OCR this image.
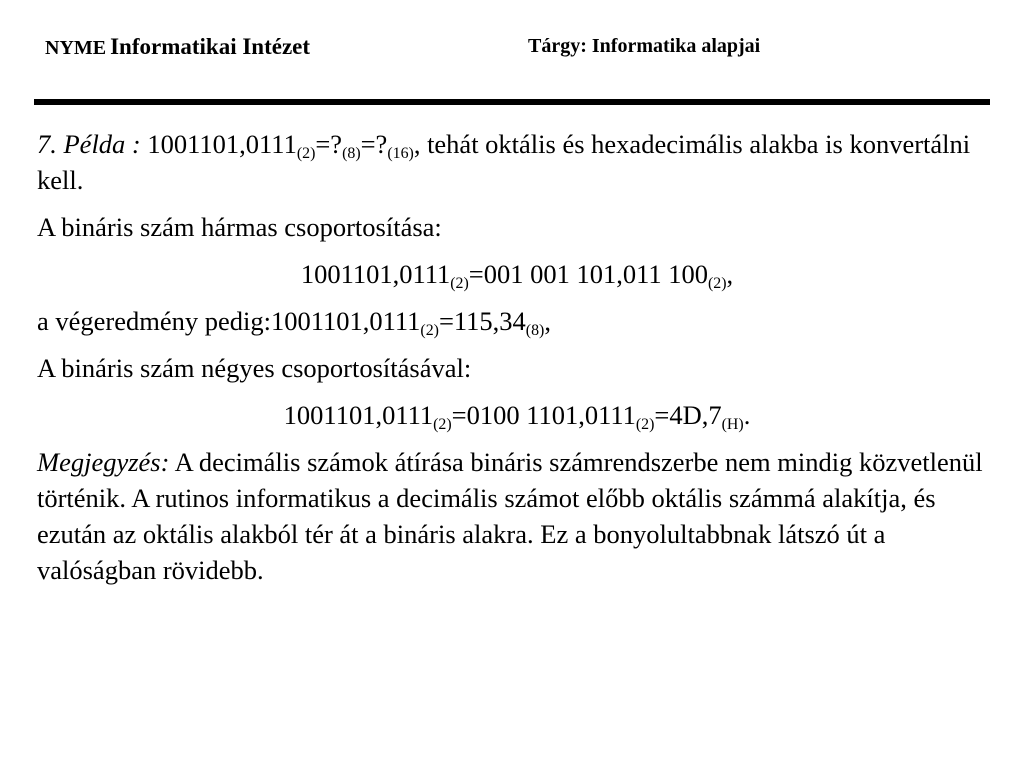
NYME Informatikai Intézet	Tárgy: Informatika alapjai

7. Példa : $1001101,0111_{(2)}=?_{(8)}=?_{(16)}$, tehát oktális és hexadecimális alakba is konvertálni kell.

A bináris szám hármas csoportosítása:

$1001101,0111_{(2)}=001$ 001 101,011 $100_{(2)}$,

a végeredmény $pedig:1001101,0111_{(2)}=115,34_{(8)}$,

A bináris szám négyes csoportosításával:

$1001101,0111_{(2)}=0100$ $1101,0111_{(2)}=4D,7_{(H)}$.

Megjegyzés: A decimális számok átírása bináris számrendszerbe nem mindig közvetlenül történik. A rutinos informatikus a decimális számot előbb oktális számmá alakítja, és ezután az oktális alakból tér át a bináris alakra. Ez a bonyolultabbnak látszó út a valóságban rövidebb.
